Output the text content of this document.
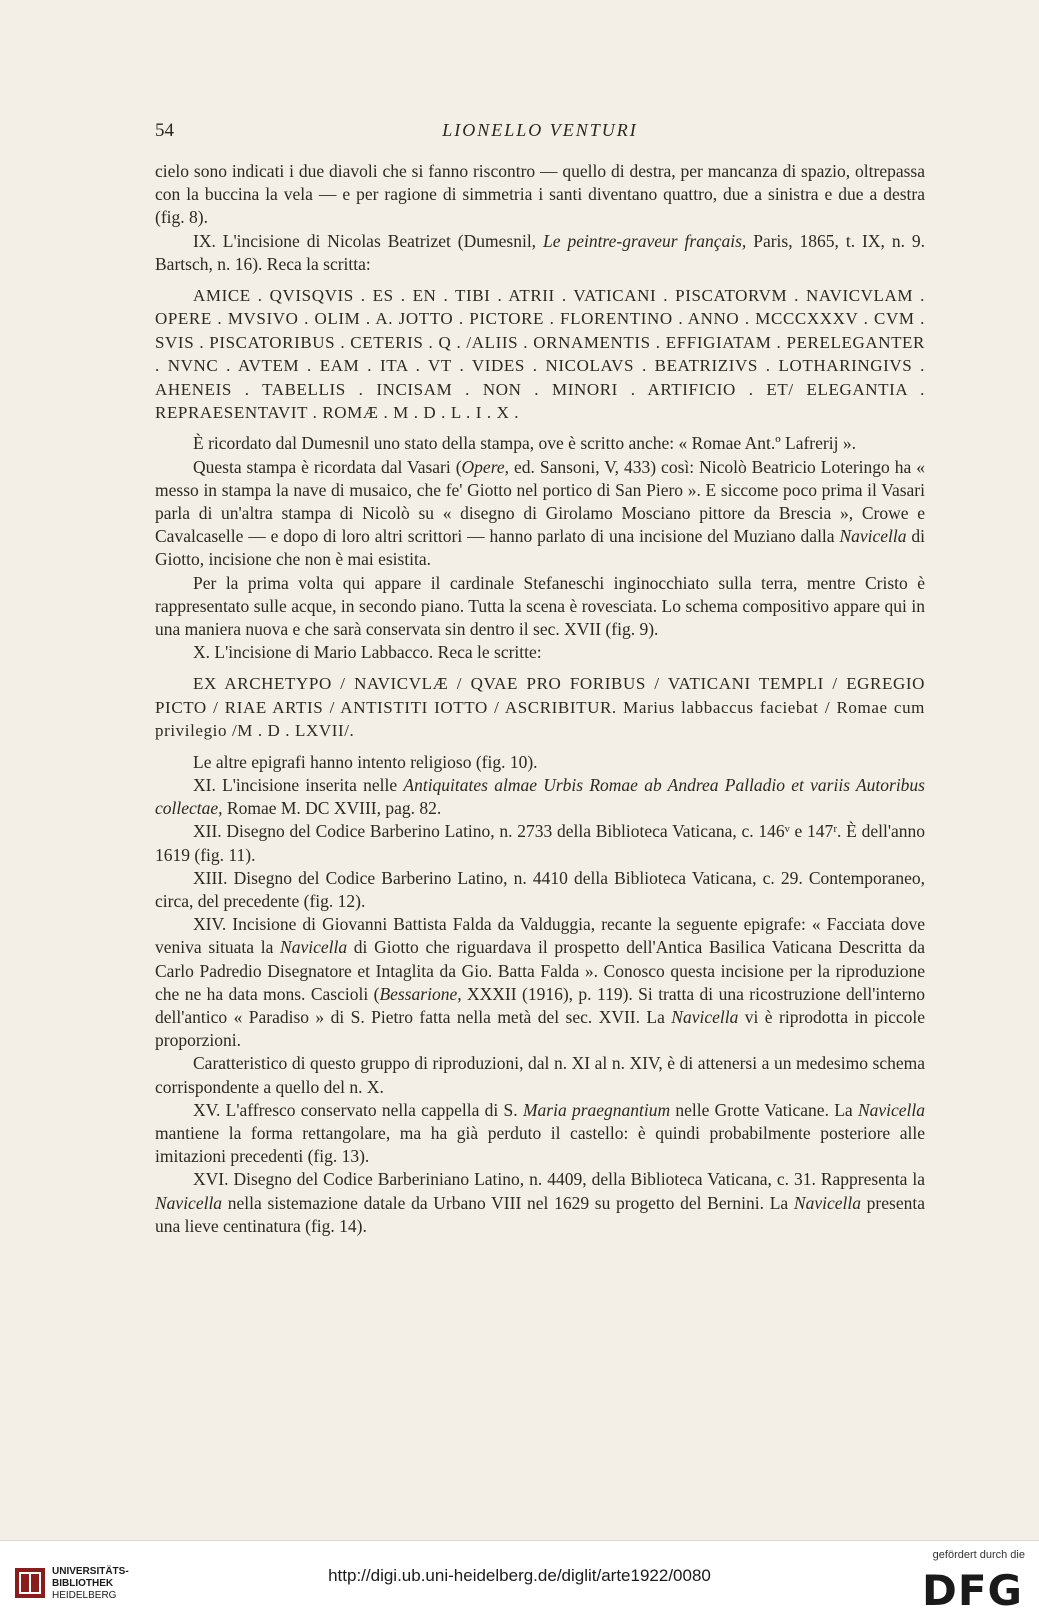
54	LIONELLO VENTURI

cielo sono indicati i due diavoli che si fanno riscontro — quello di destra, per mancanza di spazio, oltrepassa con la buccina la vela — e per ragione di simmetria i santi diventano quattro, due a sinistra e due a destra (fig. 8).

IX. L'incisione di Nicolas Beatrizet (Dumesnil, Le peintre-graveur français, Paris, 1865, t. IX, n. 9. Bartsch, n. 16). Reca la scritta:

AMICE . QVISQVIS . ES . EN . TIBI . ATRII . VATICANI . PISCATORVM . NAVICVLAM . OPERE . MVSIVO . OLIM . A. JOTTO . PICTORE . FLORENTINO . ANNO . MCCCXXXV . CVM . SVIS . PISCATORIBUS . CETERIS . Q . /ALIIS . ORNAMENTIS . EFFIGIATAM . PERELEGANTER . NVNC . AVTEM . EAM . ITA . VT . VIDES . NICOLAVS . BEATRIZIVS . LOTHARINGIVS . AHENEIS . TABELLIS . INCISAM . NON . MINORI . ARTIFICIO . ET/ ELEGANTIA . REPRAESENTAVIT . ROMÆ . M . D . L . I . X .

È ricordato dal Dumesnil uno stato della stampa, ove è scritto anche: « Romae Ant.º Lafrerij ».

Questa stampa è ricordata dal Vasari (Opere, ed. Sansoni, V, 433) così: Nicolò Beatricio Loteringo ha « messo in stampa la nave di musaico, che fe' Giotto nel portico di San Piero ». E siccome poco prima il Vasari parla di un'altra stampa di Nicolò su « disegno di Girolamo Mosciano pittore da Brescia », Crowe e Cavalcaselle — e dopo di loro altri scrittori — hanno parlato di una incisione del Muziano dalla Navicella di Giotto, incisione che non è mai esistita.

Per la prima volta qui appare il cardinale Stefaneschi inginocchiato sulla terra, mentre Cristo è rappresentato sulle acque, in secondo piano. Tutta la scena è rovesciata. Lo schema compositivo appare qui in una maniera nuova e che sarà conservata sin dentro il sec. XVII (fig. 9).

X. L'incisione di Mario Labbacco. Reca le scritte:

EX ARCHETYPO / NAVICVLÆ / QVAE PRO FORIBUS / VATICANI TEMPLI / EGREGIO PICTO / RIAE ARTIS / ANTISTITI IOTTO / ASCRIBITUR. Marius labbaccus faciebat / Romae cum privilegio /M . D . LXVII/.

Le altre epigrafi hanno intento religioso (fig. 10).

XI. L'incisione inserita nelle Antiquitates almae Urbis Romae ab Andrea Palladio et variis Autoribus collectae, Romae M. DC XVIII, pag. 82.

XII. Disegno del Codice Barberino Latino, n. 2733 della Biblioteca Vaticana, c. 146ᵛ e 147ʳ. È dell'anno 1619 (fig. 11).

XIII. Disegno del Codice Barberino Latino, n. 4410 della Biblioteca Vaticana, c. 29. Contemporaneo, circa, del precedente (fig. 12).

XIV. Incisione di Giovanni Battista Falda da Valduggia, recante la seguente epigrafe: « Facciata dove veniva situata la Navicella di Giotto che riguardava il prospetto dell'Antica Basilica Vaticana Descritta da Carlo Padredio Disegnatore et Intaglita da Gio. Batta Falda ». Conosco questa incisione per la riproduzione che ne ha data mons. Cascioli (Bessarione, XXXII (1916), p. 119). Si tratta di una ricostruzione dell'interno dell'antico « Paradiso » di S. Pietro fatta nella metà del sec. XVII. La Navicella vi è riprodotta in piccole proporzioni.

Caratteristico di questo gruppo di riproduzioni, dal n. XI al n. XIV, è di attenersi a un medesimo schema corrispondente a quello del n. X.

XV. L'affresco conservato nella cappella di S. Maria praegnantium nelle Grotte Vaticane. La Navicella mantiene la forma rettangolare, ma ha già perduto il castello: è quindi probabilmente posteriore alle imitazioni precedenti (fig. 13).

XVI. Disegno del Codice Barberiniano Latino, n. 4409, della Biblioteca Vaticana, c. 31. Rappresenta la Navicella nella sistemazione datale da Urbano VIII nel 1629 su progetto del Bernini. La Navicella presenta una lieve centinatura (fig. 14).

UNIVERSITÄTS-
BIBLIOTHEK
HEIDELBERG
http://digi.ub.uni-heidelberg.de/diglit/arte1922/0080
gefördert durch die
DFG
